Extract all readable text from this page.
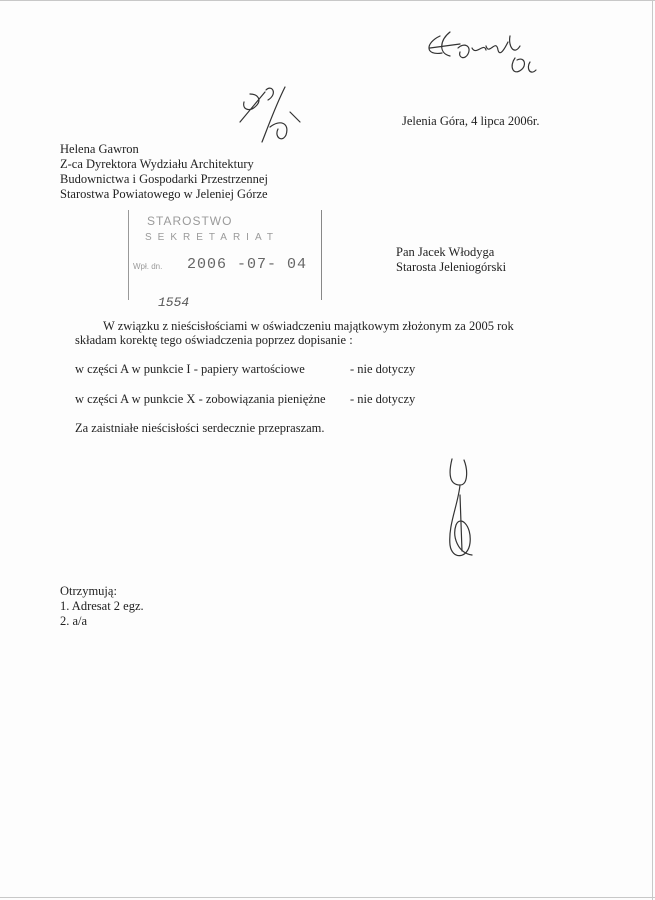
Jelenia Góra, 4 lipca 2006r.
Helena Gawron
Z-ca Dyrektora Wydziału Architektury
Budownictwa i Gospodarki Przestrzennej
Starostwa Powiatowego w Jeleniej Górze
STAROSTWO
SEKRETARIAT
Wpł. dn. 2006 -07- 04
1554
Pan Jacek Włodyga
Starosta Jeleniogórski
W związku z nieścisłościami w oświadczeniu majątkowym złożonym za 2005 rok
składam korektę tego oświadczenia poprzez dopisanie :
w części A w punkcie I - papiery wartościowe	- nie dotyczy
w części A w punkcie X - zobowiązania pieniężne - nie dotyczy
Za zaistniałe nieścisłości serdecznie przepraszam.
Otrzymują:
1. Adresat 2 egz.
2. a/a
